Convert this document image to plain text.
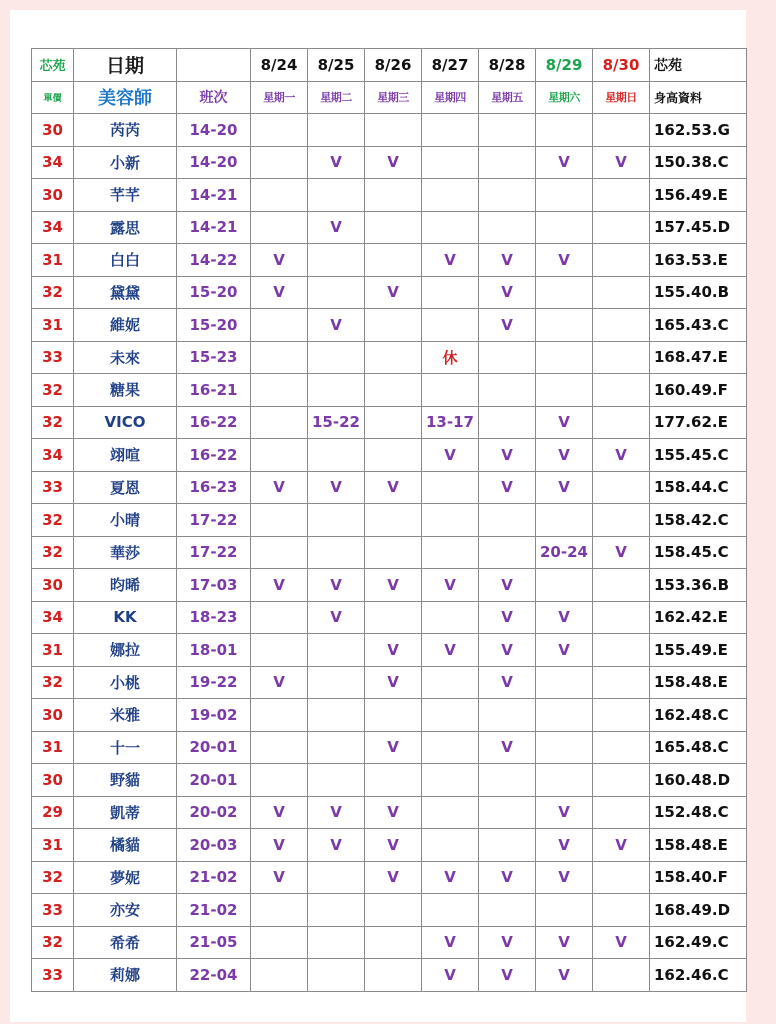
芯苑	日期		8/24	8/25	8/26	8/27	8/28	8/29	8/30	芯苑
單價	美容師	班次	星期一	星期二	星期三	星期四	星期五	星期六	星期日	身高資料
30	芮芮	14-20								162.53.G
34	小新	14-20		V	V			V	V	150.38.C
30	芊芊	14-21								156.49.E
34	露思	14-21		V						157.45.D
31	白白	14-22	V			V	V	V		163.53.E
32	黛黛	15-20	V		V		V			155.40.B
31	維妮	15-20		V			V			165.43.C
33	未來	15-23				休				168.47.E
32	糖果	16-21								160.49.F
32	VICO	16-22		15-22		13-17		V		177.62.E
34	翊喧	16-22				V	V	V	V	155.45.C
33	夏恩	16-23	V	V	V		V	V		158.44.C
32	小晴	17-22								158.42.C
32	華莎	17-22						20-24	V	158.45.C
30	昀晞	17-03	V	V	V	V	V			153.36.B
34	KK	18-23		V			V	V		162.42.E
31	娜拉	18-01			V	V	V	V		155.49.E
32	小桃	19-22	V		V		V			158.48.E
30	米雅	19-02								162.48.C
31	十一	20-01			V		V			165.48.C
30	野貓	20-01								160.48.D
29	凱蒂	20-02	V	V	V			V		152.48.C
31	橘貓	20-03	V	V	V			V	V	158.48.E
32	夢妮	21-02	V		V	V	V	V		158.40.F
33	亦安	21-02								168.49.D
32	希希	21-05				V	V	V	V	162.49.C
33	莉娜	22-04				V	V	V		162.46.C
